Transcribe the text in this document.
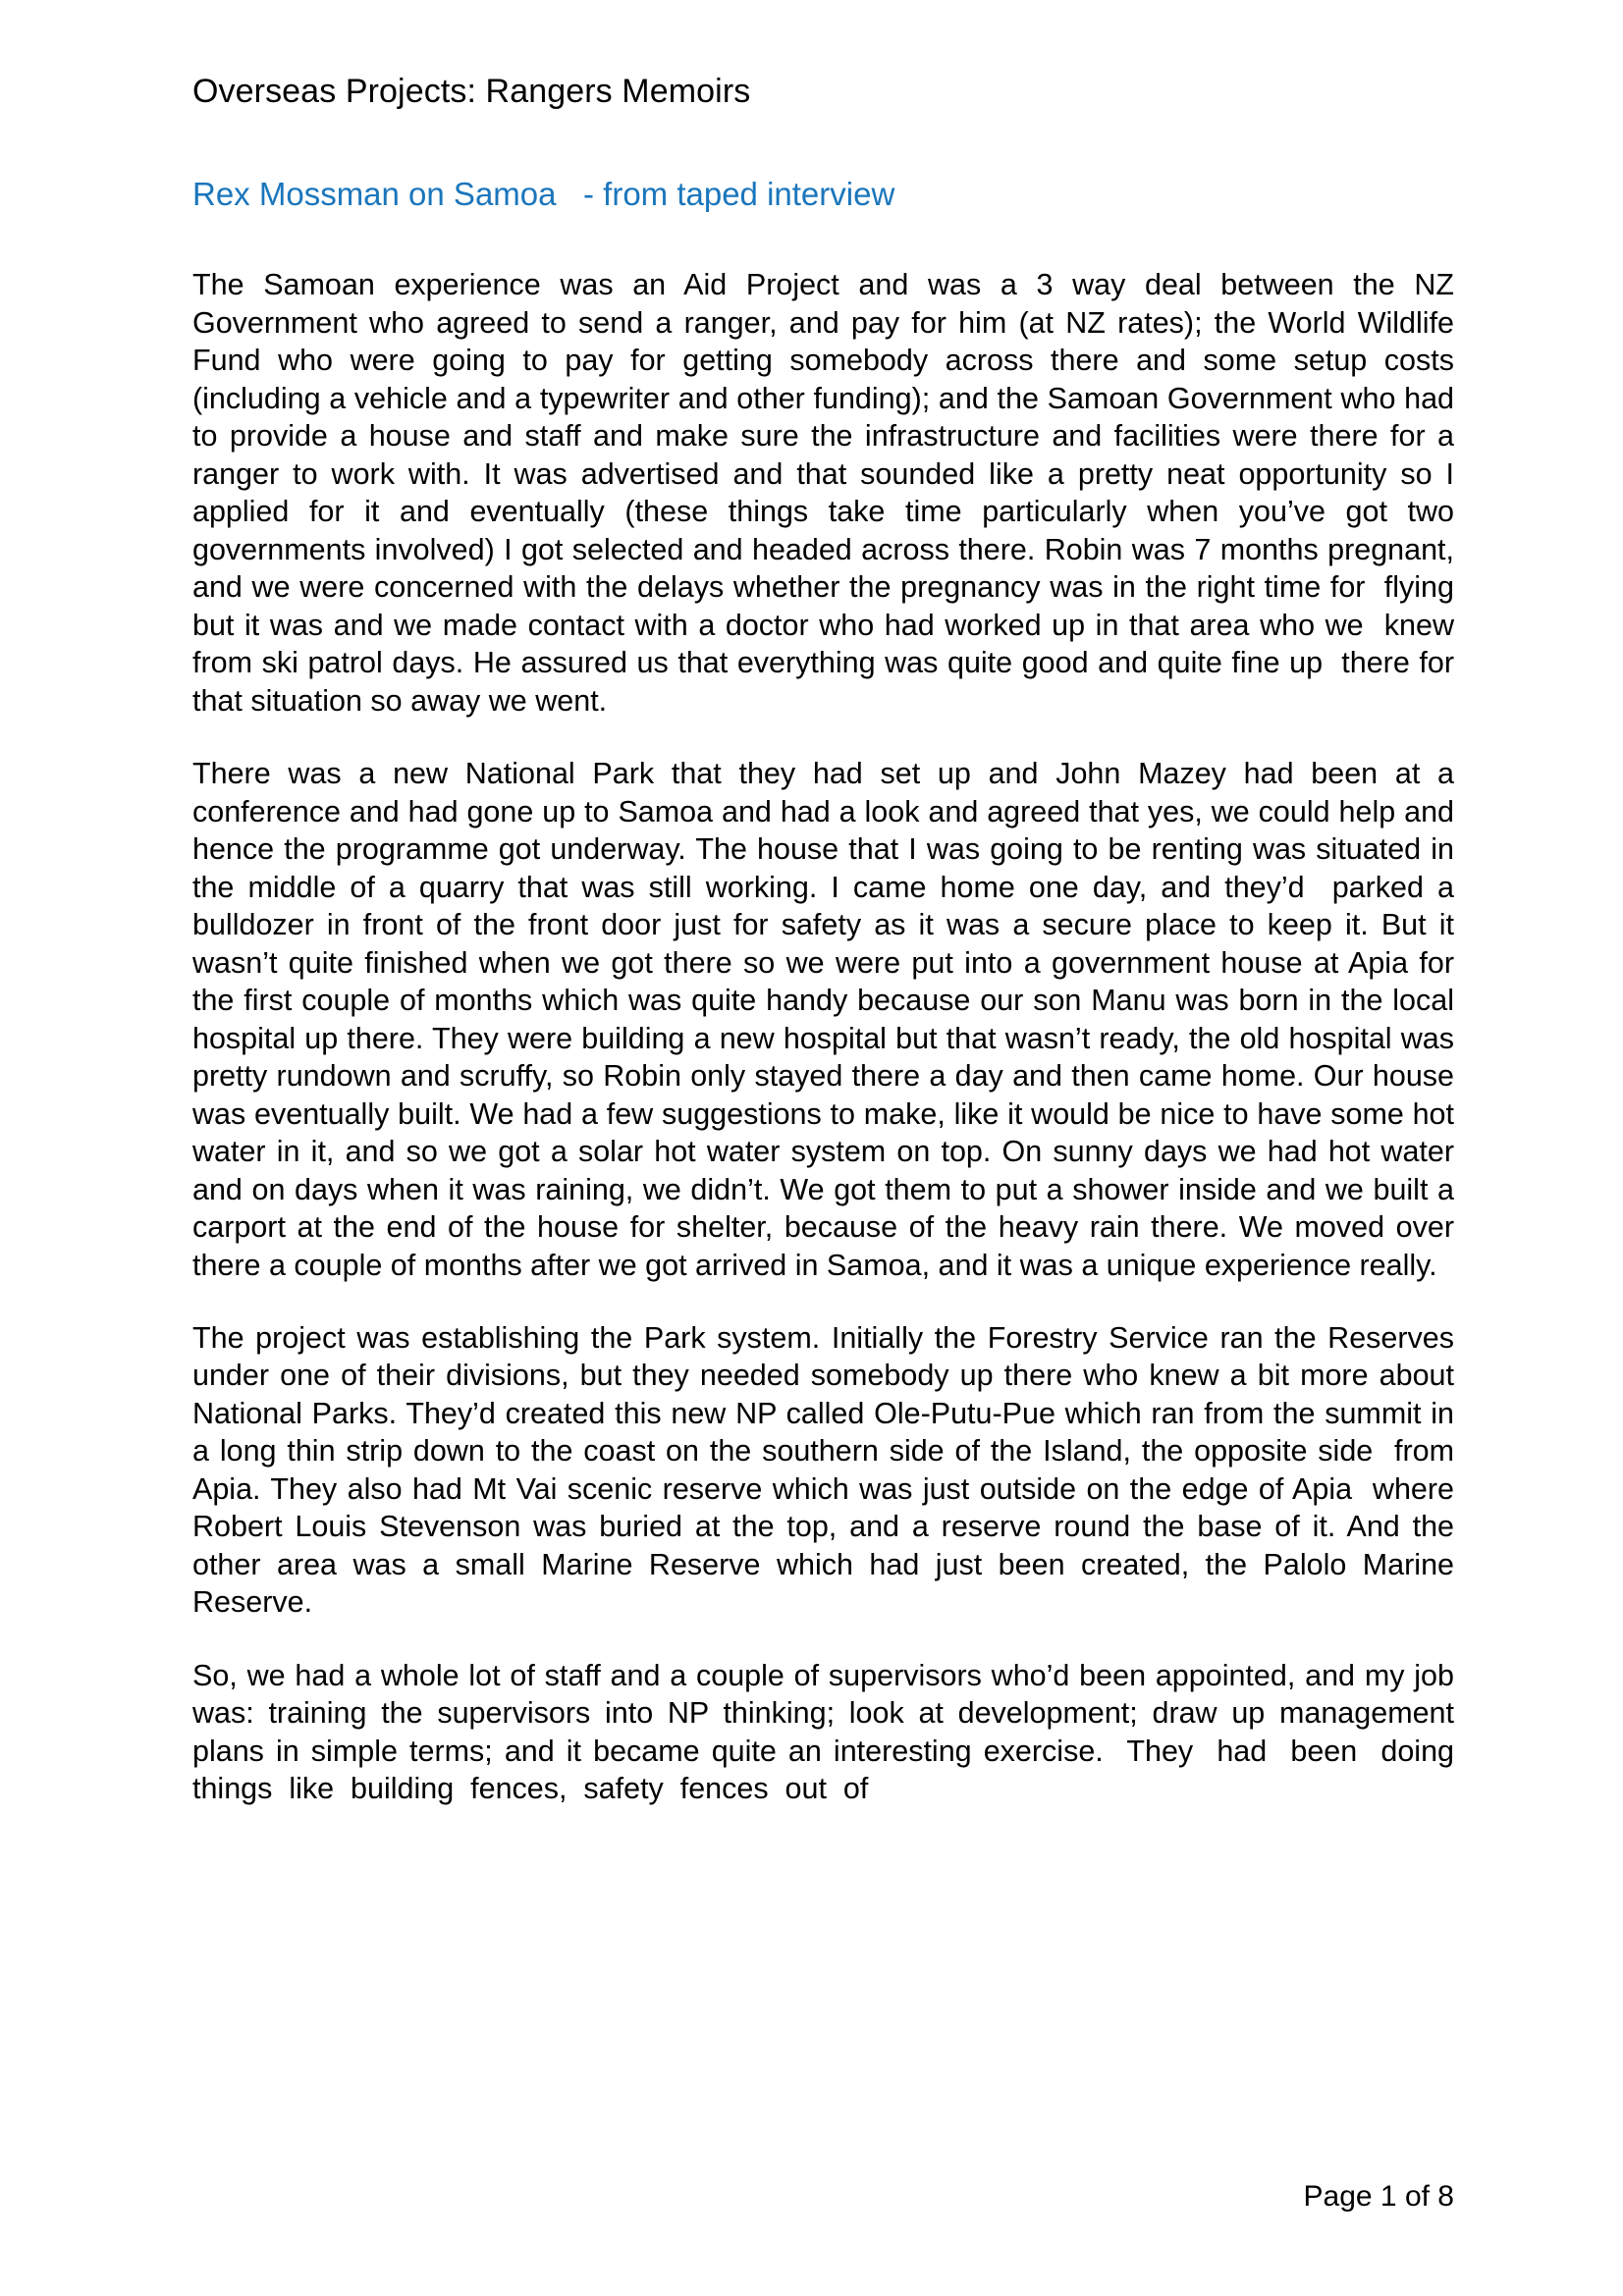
Overseas Projects: Rangers Memoirs
Rex Mossman on Samoa   - from taped interview

The Samoan experience was an Aid Project and was a 3 way deal between the NZ Government who agreed to send a ranger, and pay for him (at NZ rates); the World Wildlife Fund who were going to pay for getting somebody across there and some setup costs (including a vehicle and a typewriter and other funding); and the Samoan Government who had  to provide a house and staff and make sure the infrastructure and facilities were there for a ranger to work with. It was advertised and that sounded like a pretty neat opportunity so I applied for it and eventually (these things take time particularly when you’ve got two governments involved) I got selected and headed across there. Robin was 7 months pregnant, and we were concerned with the delays whether the pregnancy was in the right time for  flying but it was and we made contact with a doctor who had worked up in that area who we  knew from ski patrol days. He assured us that everything was quite good and quite fine up  there for that situation so away we went.

There was a new National Park that they had set up and John Mazey had been at a conference and had gone up to Samoa and had a look and agreed that yes, we could help and hence the programme got underway. The house that I was going to be renting was situated in the middle of a quarry that was still working. I came home one day, and they’d  parked a bulldozer in front of the front door just for safety as it was a secure place to keep it. But it wasn’t quite finished when we got there so we were put into a government house at Apia for the first couple of months which was quite handy because our son Manu was born in the local hospital up there. They were building a new hospital but that wasn’t ready, the old hospital was pretty rundown and scruffy, so Robin only stayed there a day and then came home. Our house was eventually built. We had a few suggestions to make, like it would be nice to have some hot water in it, and so we got a solar hot water system on top. On sunny days we had hot water and on days when it was raining, we didn’t. We got them to put a shower inside and we built a carport at the end of the house for shelter, because of the heavy rain there. We moved over there a couple of months after we got arrived in Samoa, and it was a unique experience really.

The project was establishing the Park system. Initially the Forestry Service ran the Reserves  under one of their divisions, but they needed somebody up there who knew a bit more about  National Parks. They’d created this new NP called Ole-Putu-Pue which ran from the summit in a long thin strip down to the coast on the southern side of the Island, the opposite side  from Apia. They also had Mt Vai scenic reserve which was just outside on the edge of Apia  where Robert Louis Stevenson was buried at the top, and a reserve round the base of it. And the other area was a small Marine Reserve which had just been created, the Palolo Marine Reserve.

So, we had a whole lot of staff and a couple of supervisors who’d been appointed, and my job  was: training the supervisors into NP thinking; look at development; draw up management plans in simple terms; and it became quite an interesting exercise.  They  had  been  doing  things  like  building  fences,  safety  fences  out  of

Page 1 of 8
